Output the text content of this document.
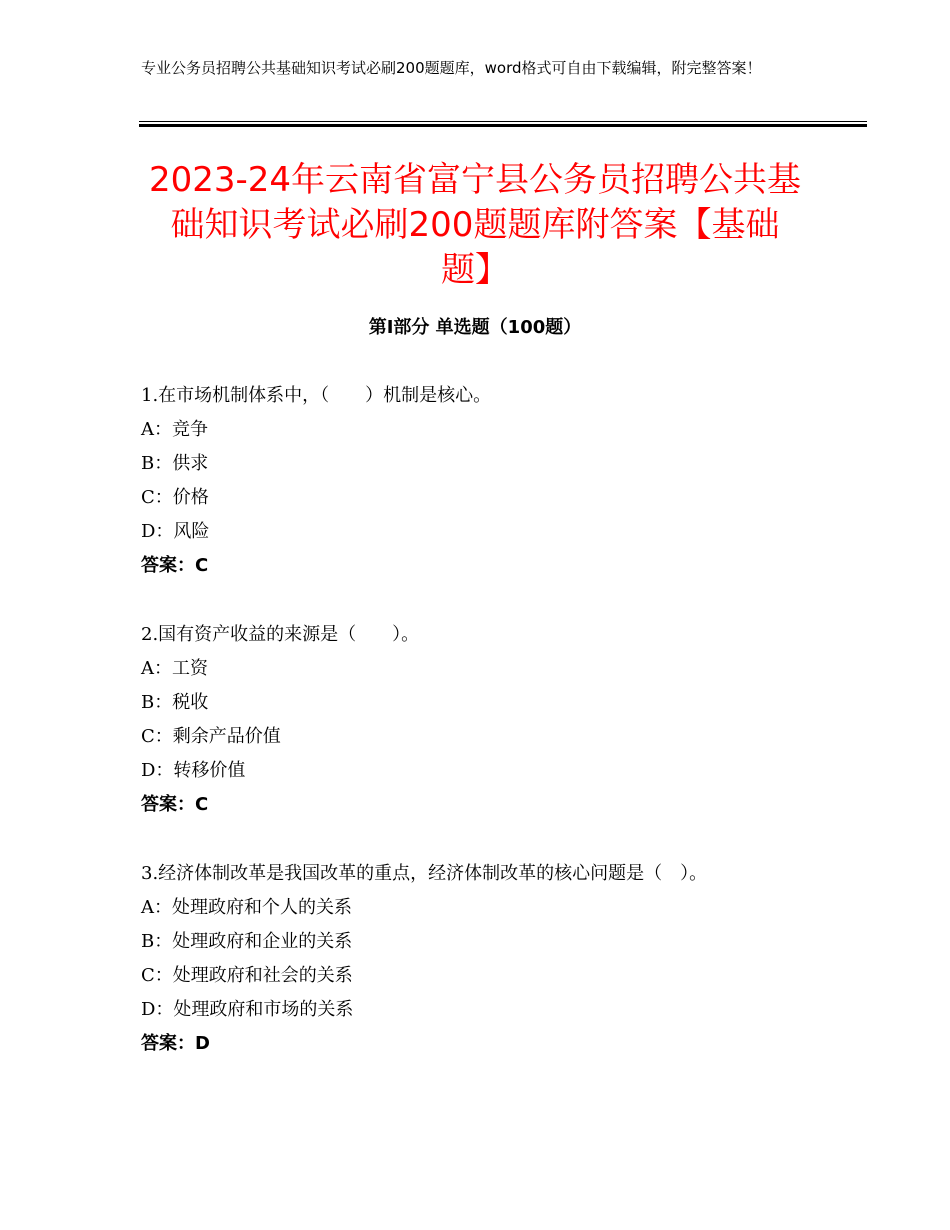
专业公务员招聘公共基础知识考试必刷200题题库，word格式可自由下载编辑，附完整答案！
2023-24年云南省富宁县公务员招聘公共基
础知识考试必刷200题题库附答案【基础
题】
第Ⅰ部分 单选题（100题）
1.在市场机制体系中，（　　）机制是核心。
A：竞争
B：供求
C：价格
D：风险
答案：C
2.国有资产收益的来源是（　　）。
A：工资
B：税收
C：剩余产品价值
D：转移价值
答案：C
3.经济体制改革是我国改革的重点，经济体制改革的核心问题是（　）。
A：处理政府和个人的关系
B：处理政府和企业的关系
C：处理政府和社会的关系
D：处理政府和市场的关系
答案：D
